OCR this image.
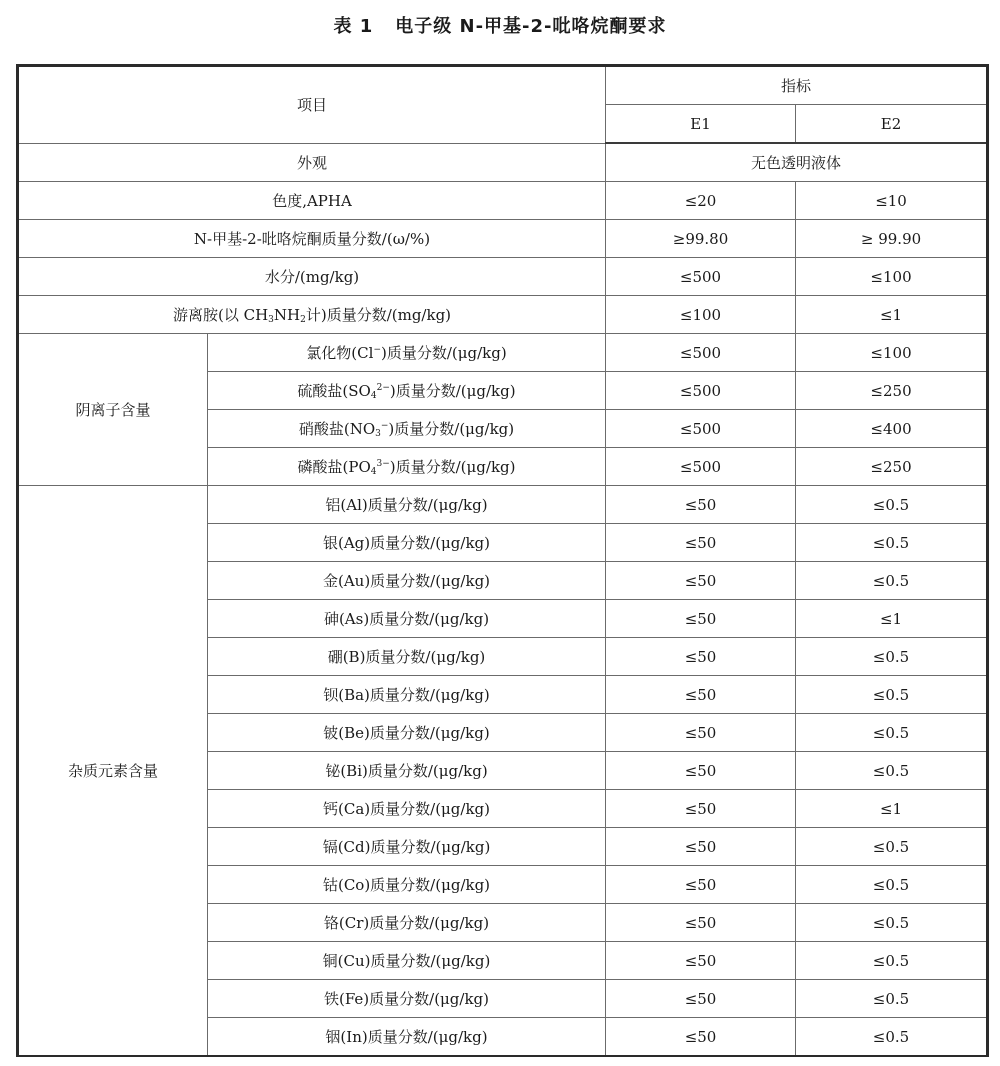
表 1 电子级 N-甲基-2-吡咯烷酮要求
项目		指标	
		E1	E2
外观		无色透明液体	
色度,APHA		≤20	≤10
N-甲基-2-吡咯烷酮质量分数/(ω/%)		≥99.80	≥ 99.90
水分/(mg/kg)		≤500	≤100
游离胺(以 $CH_3NH_2$计)质量分数/(mg/kg)		≤100	≤1
阴离子含量	氯化物(Cl−)质量分数/(μg/kg)	≤500	≤100
	硫酸盐$(SO_4^{2-})$质量分数/(μg/kg)	≤500	≤250
	硝酸盐$(NO_3^-)$质量分数/(μg/kg)	≤500	≤400
	磷酸盐$(PO_4^{3-})$质量分数/(μg/kg)	≤500	≤250
杂质元素含量	铝(Al)质量分数/(μg/kg)	≤50	≤0.5
	银(Ag)质量分数/(μg/kg)	≤50	≤0.5
	金(Au)质量分数/(μg/kg)	≤50	≤0.5
	砷(As)质量分数/(μg/kg)	≤50	≤1
	硼(B)质量分数/(μg/kg)	≤50	≤0.5
	钡(Ba)质量分数/(μg/kg)	≤50	≤0.5
	铍(Be)质量分数/(μg/kg)	≤50	≤0.5
	铋(Bi)质量分数/(μg/kg)	≤50	≤0.5
	钙(Ca)质量分数/(μg/kg)	≤50	≤1
	镉(Cd)质量分数/(μg/kg)	≤50	≤0.5
	钴(Co)质量分数/(μg/kg)	≤50	≤0.5
	铬(Cr)质量分数/(μg/kg)	≤50	≤0.5
	铜(Cu)质量分数/(μg/kg)	≤50	≤0.5
	铁(Fe)质量分数/(μg/kg)	≤50	≤0.5
	铟(In)质量分数/(μg/kg)	≤50	≤0.5
